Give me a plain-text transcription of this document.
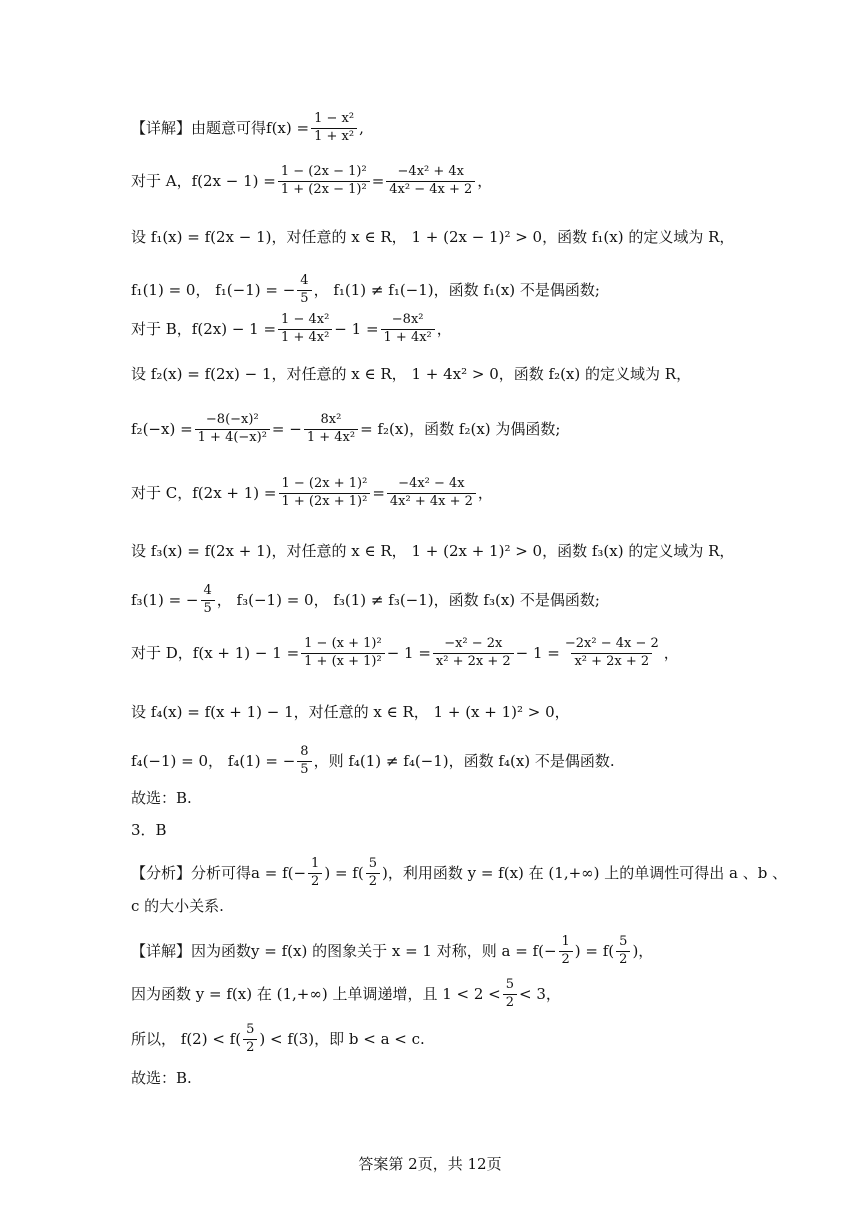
【详解】由题意可得 $f(x) = \frac{\text{1 − x²}}{\text{1 + x²}}$ ,
对于 A， $f(2x - 1) = \frac{\text{1 − (2x − 1)²}}{\text{1 + (2x − 1)²}} = \frac{\text{−4x² + 4x}}{\text{4x² − 4x + 2}}$ ，
设 f₁(x) = f(2x − 1)，对任意的 x ∈ R， 1 + (2x − 1)² > 0，函数 f₁(x) 的定义域为 R，
f₁(1) = 0， f₁(−1) = − $\frac{4}{5}$ ， f₁(1) ≠ f₁(−1)，函数 f₁(x) 不是偶函数;
对于 B， $f(2x) - 1 = \frac{\text{1 − 4x²}}{\text{1 + 4x²}} - 1 = \frac{\text{−8x²}}{\text{1 + 4x²}}$ ，
设 f₂(x) = f(2x) − 1，对任意的 x ∈ R， 1 + 4x² > 0，函数 f₂(x) 的定义域为 R，
$f_2(-x) = \frac{\text{−8(−x)²}}{\text{1 + 4(−x)²}}$ = − $\frac{\text{8x²}}{\text{1 + 4x²}} = f_2(x)$，函数 f₂(x) 为偶函数;
对于 C， $f(2x + 1) = \frac{\text{1 − (2x + 1)²}}{\text{1 + (2x + 1)²}} = \frac{\text{−4x² − 4x}}{\text{4x² + 4x + 2}}$ ，
设 f₃(x) = f(2x + 1)，对任意的 x ∈ R， 1 + (2x + 1)² > 0，函数 f₃(x) 的定义域为 R，
f₃(1) = − $\frac{4}{5}$ ， f₃(−1) = 0， f₃(1) ≠ f₃(−1)，函数 f₃(x) 不是偶函数;
对于 D， $f(x + 1) - 1 = \frac{\text{1 − (x + 1)²}}{\text{1 + (x + 1)²}} - 1 = \frac{\text{−x² − 2x}}{\text{x² + 2x + 2}} - 1 = \frac{\text{−2x² − 4x − 2}}{\text{x² + 2x + 2}}$ ，
设 f₄(x) = f(x + 1) − 1，对任意的 x ∈ R， 1 + (x + 1)² > 0，
f₄(−1) = 0， f₄(1) = − $\frac{8}{5}$ ，则 f₄(1) ≠ f₄(−1)，函数 f₄(x) 不是偶函数.
故选：B.
3．B
【分析】分析可得 $a = f(- \frac{1}{2}$ ) = $f( \frac{5}{2}$ )，利用函数 y = f(x) 在 (1,+∞) 上的单调性可得出 a 、b 、
c 的大小关系.
【详解】因为函数 y = f(x) 的图象关于 x = 1 对称，则 $a = f(- \frac{1}{2}$ ) = $f( \frac{5}{2}$ )，
因为函数 y = f(x) 在 (1,+∞) 上单调递增，且 $1 < 2 < \frac{5}{2} < 3$，
所以， $f(2) < f( \frac{5}{2}$ ) < f(3)，即 b < a < c.
故选：B.
答案第 2页，共 12页
